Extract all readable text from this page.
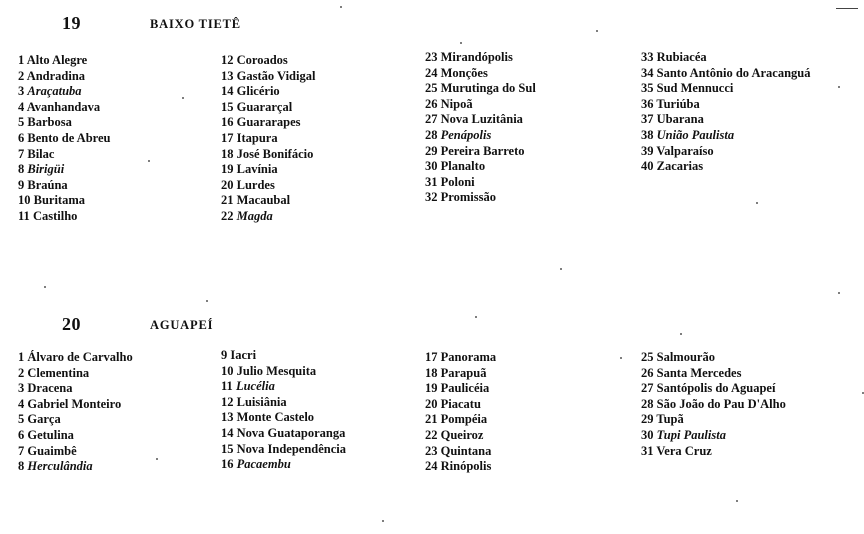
19	BAIXO TIETÊ
1 Alto Alegre
2 Andradina
3 Araçatuba
4 Avanhandava
5 Barbosa
6 Bento de Abreu
7 Bilac
8 Birigüi
9 Braúna
10 Buritama
11 Castilho
12 Coroados
13 Gastão Vidigal
14 Glicério
15 Guararçal
16 Guararapes
17 Itapura
18 José Bonifácio
19 Lavínia
20 Lurdes
21 Macaubal
22 Magda
23 Mirandópolis
24 Monções
25 Murutinga do Sul
26 Nipoã
27 Nova Luzitânia
28 Penápolis
29 Pereira Barreto
30 Planalto
31 Poloni
32 Promissão
33 Rubiacéa
34 Santo Antônio do Aracanguá
35 Sud Mennucci
36 Turiúba
37 Ubarana
38 União Paulista
39 Valparaíso
40 Zacarias
20	AGUAPEÍ
1 Álvaro de Carvalho
2 Clementina
3 Dracena
4 Gabriel Monteiro
5 Garça
6 Getulina
7 Guaimbê
8 Herculândia
9 Iacri
10 Julio Mesquita
11 Lucélia
12 Luisiânia
13 Monte Castelo
14 Nova Guataporanga
15 Nova Independência
16 Pacaembu
17 Panorama
18 Parapuã
19 Paulicéia
20 Piacatu
21 Pompéia
22 Queiroz
23 Quintana
24 Rinópolis
25 Salmourão
26 Santa Mercedes
27 Santópolis do Aguapeí
28 São João do Pau D'Alho
29 Tupã
30 Tupi Paulista
31 Vera Cruz
